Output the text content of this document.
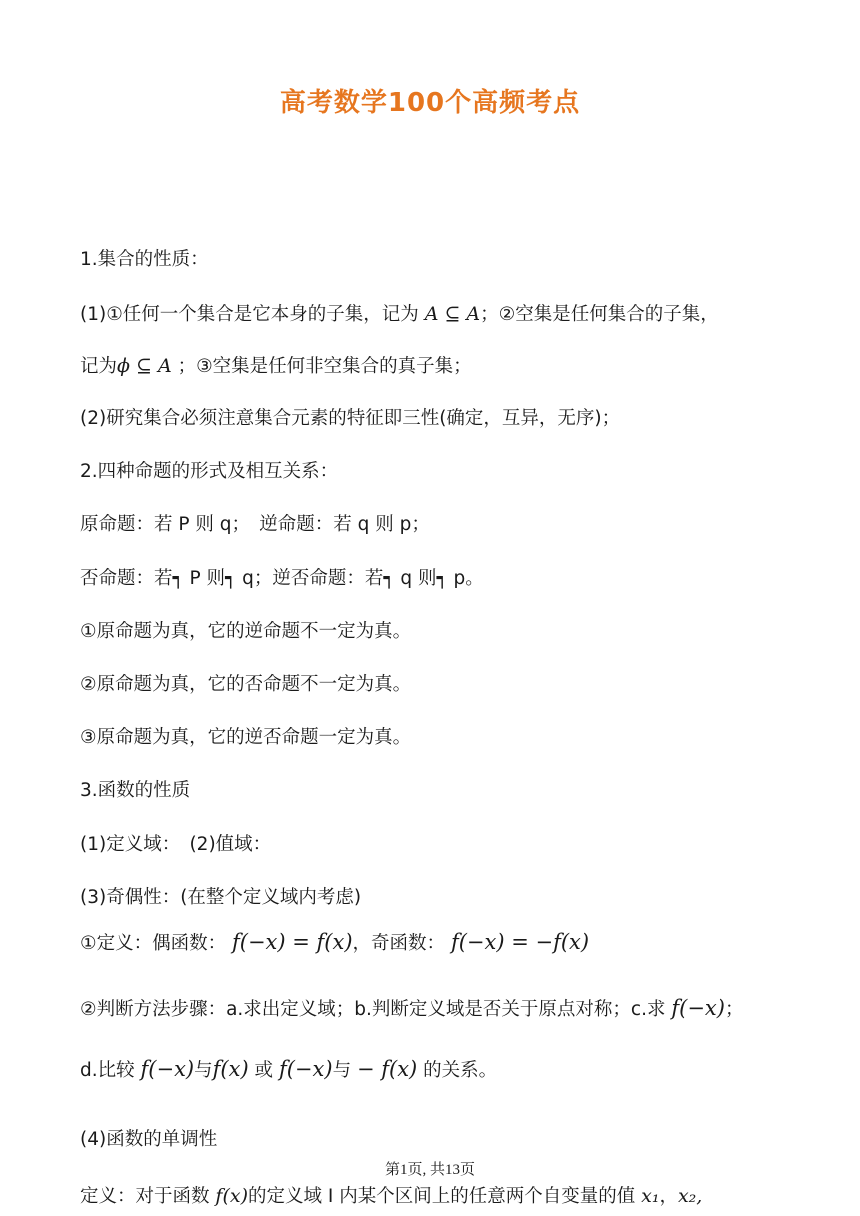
高考数学100个高频考点

1.集合的性质：

(1)①任何一个集合是它本身的子集，记为 A ⊆ A；②空集是任何集合的子集，

记为ϕ ⊆ A ；③空集是任何非空集合的真子集；

(2)研究集合必须注意集合元素的特征即三性(确定，互异，无序)；

2.四种命题的形式及相互关系：

原命题：若 P 则 q；　逆命题：若 q 则 p；

否命题：若┑ P 则┑ q；逆否命题：若┑ q 则┑ p。

①原命题为真，它的逆命题不一定为真。

②原命题为真，它的否命题不一定为真。

③原命题为真，它的逆否命题一定为真。

3.函数的性质

(1)定义域：　(2)值域：

(3)奇偶性：(在整个定义域内考虑)

①定义：偶函数： f(−x) = f(x)，奇函数： f(−x) = −f(x)

②判断方法步骤：a.求出定义域；b.判断定义域是否关于原点对称；c.求 f(−x)；

d.比较 f(−x)与f(x) 或 f(−x)与 − f(x) 的关系。

(4)函数的单调性

第1页, 共13页

定义：对于函数 f(x)的定义域 I 内某个区间上的任意两个自变量的值 x₁，x₂,
